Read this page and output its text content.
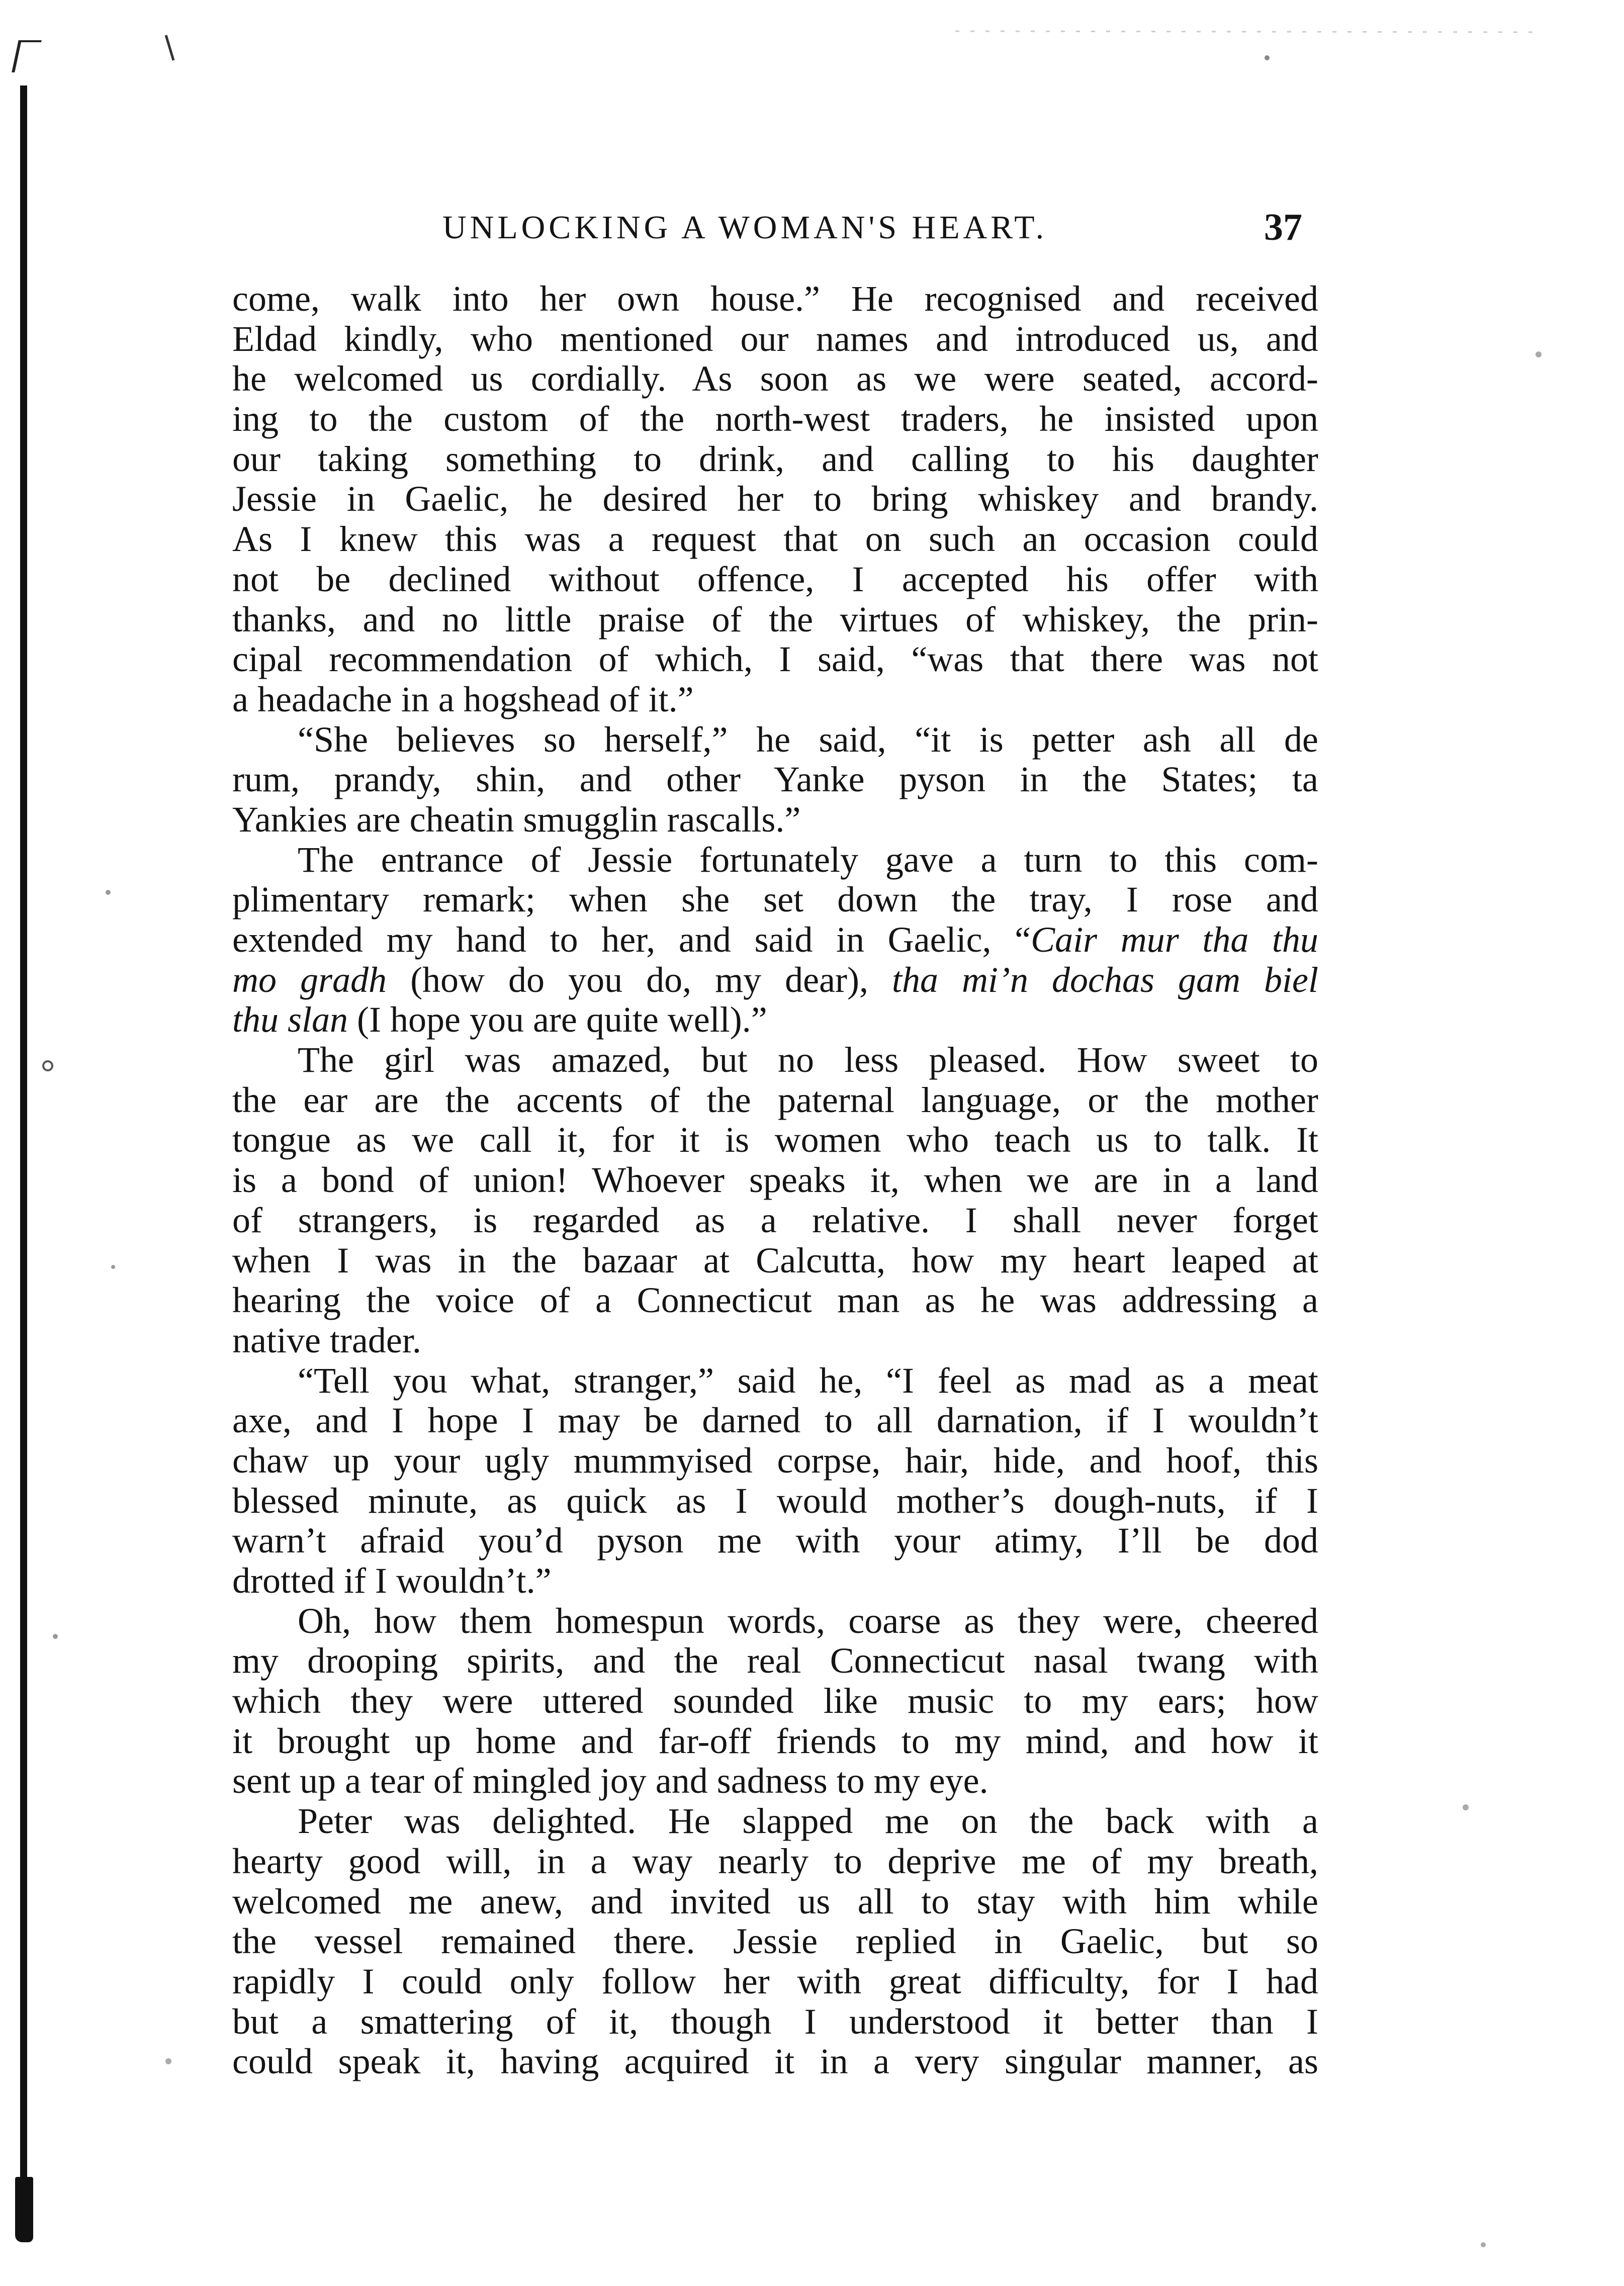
UNLOCKING A WOMAN'S HEART.	37
come, walk into her own house.” He recognised and received
Eldad kindly, who mentioned our names and introduced us, and
he welcomed us cordially. As soon as we were seated, accord-
ing to the custom of the north-west traders, he insisted upon
our taking something to drink, and calling to his daughter
Jessie in Gaelic, he desired her to bring whiskey and brandy.
As I knew this was a request that on such an occasion could
not be declined without offence, I accepted his offer with
thanks, and no little praise of the virtues of whiskey, the prin-
cipal recommendation of which, I said, “was that there was not
a headache in a hogshead of it.”
“She believes so herself,” he said, “it is petter ash all de
rum, prandy, shin, and other Yanke pyson in the States; ta
Yankies are cheatin smugglin rascalls.”
The entrance of Jessie fortunately gave a turn to this com-
plimentary remark; when she set down the tray, I rose and
extended my hand to her, and said in Gaelic, “Cair mur tha thu
mo gradh (how do you do, my dear), tha mi’n dochas gam biel
thu slan (I hope you are quite well).”
The girl was amazed, but no less pleased. How sweet to
the ear are the accents of the paternal language, or the mother
tongue as we call it, for it is women who teach us to talk. It
is a bond of union! Whoever speaks it, when we are in a land
of strangers, is regarded as a relative. I shall never forget
when I was in the bazaar at Calcutta, how my heart leaped at
hearing the voice of a Connecticut man as he was addressing a
native trader.
“Tell you what, stranger,” said he, “I feel as mad as a meat
axe, and I hope I may be darned to all darnation, if I wouldn’t
chaw up your ugly mummyised corpse, hair, hide, and hoof, this
blessed minute, as quick as I would mother’s dough-nuts, if I
warn’t afraid you’d pyson me with your atimy, I’ll be dod
drotted if I wouldn’t.”
Oh, how them homespun words, coarse as they were, cheered
my drooping spirits, and the real Connecticut nasal twang with
which they were uttered sounded like music to my ears; how
it brought up home and far-off friends to my mind, and how it
sent up a tear of mingled joy and sadness to my eye.
Peter was delighted. He slapped me on the back with a
hearty good will, in a way nearly to deprive me of my breath,
welcomed me anew, and invited us all to stay with him while
the vessel remained there. Jessie replied in Gaelic, but so
rapidly I could only follow her with great difficulty, for I had
but a smattering of it, though I understood it better than I
could speak it, having acquired it in a very singular manner, as
